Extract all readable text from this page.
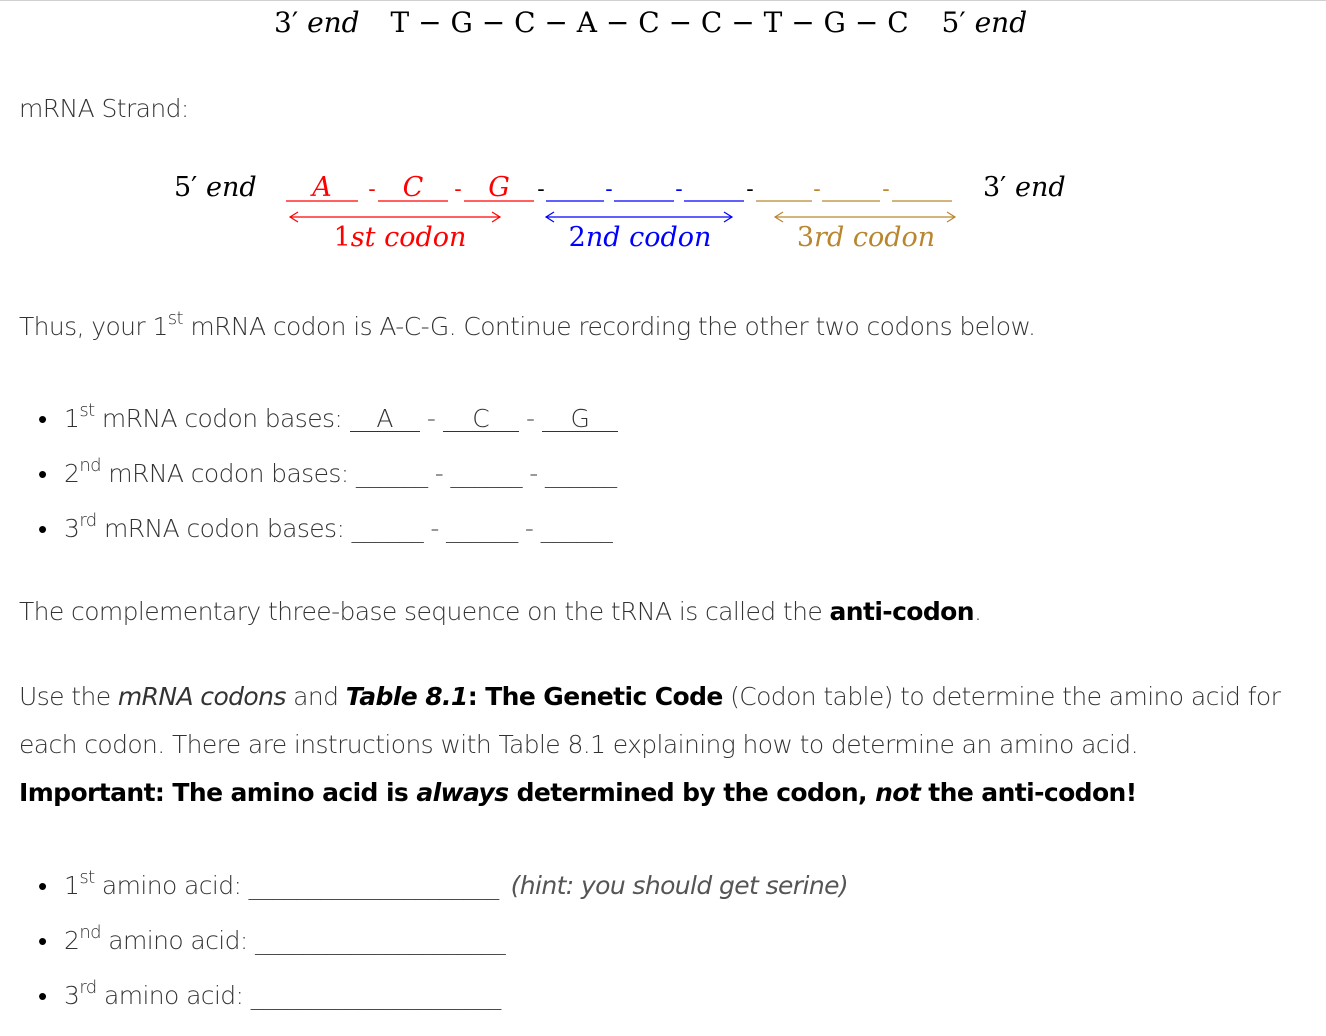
3′ end T − G − C − A − C − C − T − G − C 5′ end
mRNA Strand:
5′ end	-	-	-	-	-	-	-	-
A	C G	3′ end
1st codon	2nd codon	3rd codon
Thus, your 1st mRNA codon is A-C-G. Continue recording the other two codons below.
• 1st mRNA codon bases: A - C - G
• 2nd mRNA codon bases: ______ - ______ - ______
• 3rd mRNA codon bases: ______ - ______ - ______
The complementary three-base sequence on the tRNA is called the anti-codon.
Use the mRNA codons and Table 8.1: The Genetic Code (Codon table) to determine the amino acid for
each codon. There are instructions with Table 8.1 explaining how to determine an amino acid.
Important: The amino acid is always determined by the codon, not the anti-codon!
• 1st amino acid: _____________________ (hint: you should get serine)
• 2nd amino acid: _____________________
• 3rd amino acid: _____________________
